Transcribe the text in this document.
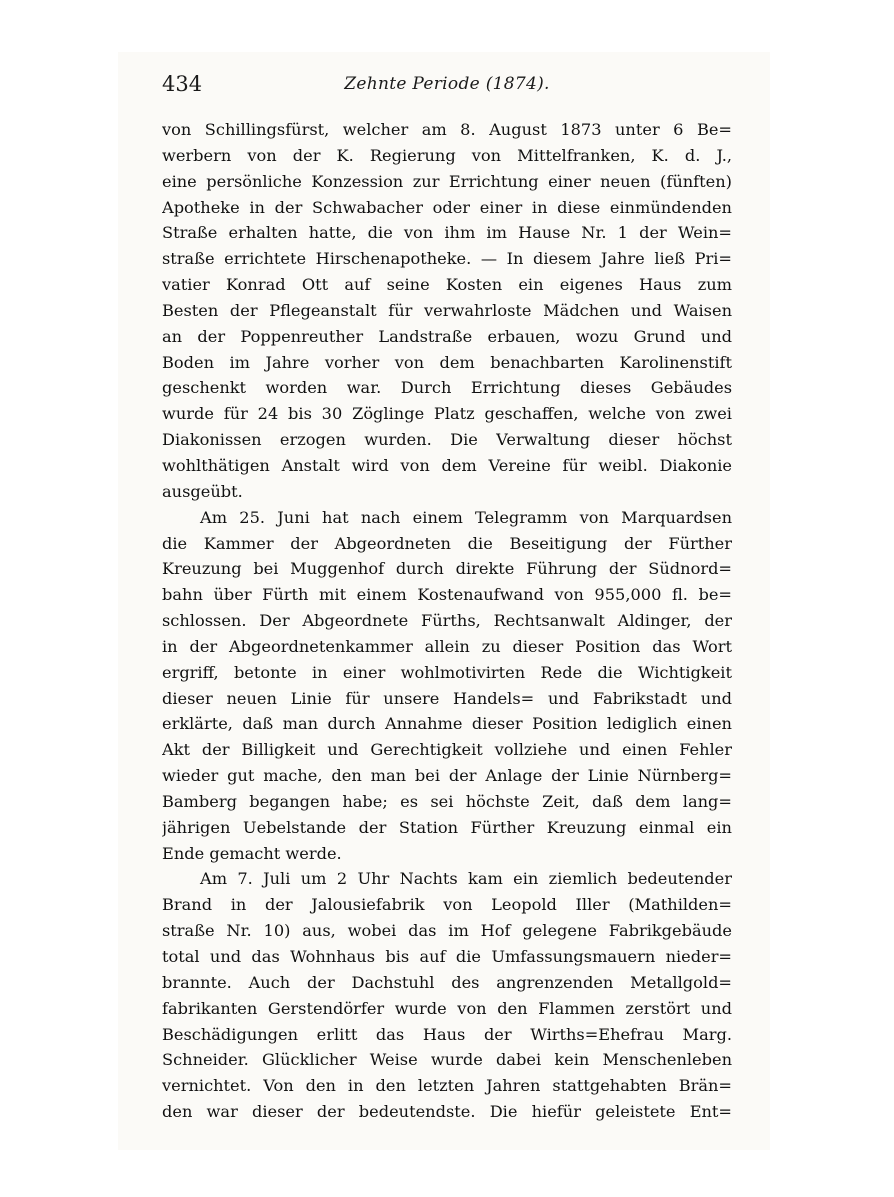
434	Zehnte Periode (1874).
von Schillingsfürst, welcher am 8. August 1873 unter 6 Be=
werbern von der K. Regierung von Mittelfranken, K. d. J.,
eine persönliche Konzession zur Errichtung einer neuen (fünften)
Apotheke in der Schwabacher oder einer in diese einmündenden
Straße erhalten hatte, die von ihm im Hause Nr. 1 der Wein=
straße errichtete Hirschenapotheke. — In diesem Jahre ließ Pri=
vatier Konrad Ott auf seine Kosten ein eigenes Haus zum
Besten der Pflegeanstalt für verwahrloste Mädchen und Waisen
an der Poppenreuther Landstraße erbauen, wozu Grund und
Boden im Jahre vorher von dem benachbarten Karolinenstift
geschenkt worden war. Durch Errichtung dieses Gebäudes
wurde für 24 bis 30 Zöglinge Platz geschaffen, welche von zwei
Diakonissen erzogen wurden. Die Verwaltung dieser höchst
wohlthätigen Anstalt wird von dem Vereine für weibl. Diakonie
ausgeübt.
Am 25. Juni hat nach einem Telegramm von Marquardsen
die Kammer der Abgeordneten die Beseitigung der Fürther
Kreuzung bei Muggenhof durch direkte Führung der Südnord=
bahn über Fürth mit einem Kostenaufwand von 955,000 fl. be=
schlossen. Der Abgeordnete Fürths, Rechtsanwalt Aldinger, der
in der Abgeordnetenkammer allein zu dieser Position das Wort
ergriff, betonte in einer wohlmotivirten Rede die Wichtigkeit
dieser neuen Linie für unsere Handels= und Fabrikstadt und
erklärte, daß man durch Annahme dieser Position lediglich einen
Akt der Billigkeit und Gerechtigkeit vollziehe und einen Fehler
wieder gut mache, den man bei der Anlage der Linie Nürnberg=
Bamberg begangen habe; es sei höchste Zeit, daß dem lang=
jährigen Uebelstande der Station Fürther Kreuzung einmal ein
Ende gemacht werde.
Am 7. Juli um 2 Uhr Nachts kam ein ziemlich bedeutender
Brand in der Jalousiefabrik von Leopold Iller (Mathilden=
straße Nr. 10) aus, wobei das im Hof gelegene Fabrikgebäude
total und das Wohnhaus bis auf die Umfassungsmauern nieder=
brannte. Auch der Dachstuhl des angrenzenden Metallgold=
fabrikanten Gerstendörfer wurde von den Flammen zerstört und
Beschädigungen erlitt das Haus der Wirths=Ehefrau Marg.
Schneider. Glücklicher Weise wurde dabei kein Menschenleben
vernichtet. Von den in den letzten Jahren stattgehabten Brän=
den war dieser der bedeutendste. Die hiefür geleistete Ent=
